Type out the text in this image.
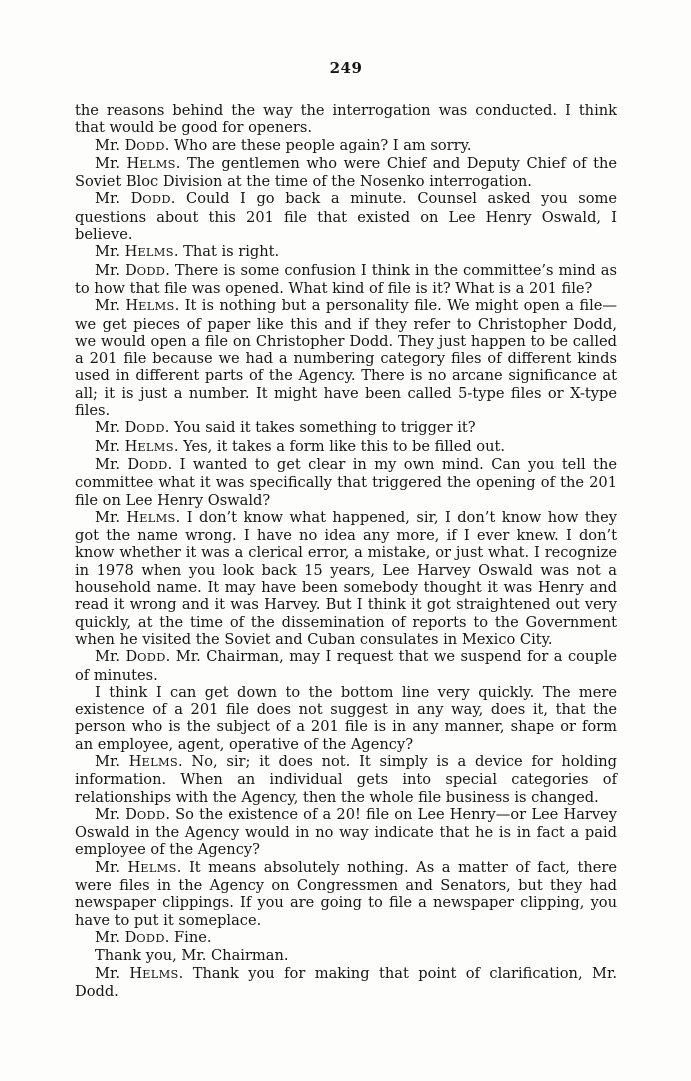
249

the reasons behind the way the interrogation was conducted. I think that would be good for openers.

Mr. DODD. Who are these people again? I am sorry.

Mr. HELMS. The gentlemen who were Chief and Deputy Chief of the Soviet Bloc Division at the time of the Nosenko interrogation.

Mr. DODD. Could I go back a minute. Counsel asked you some questions about this 201 file that existed on Lee Henry Oswald, I believe.

Mr. HELMS. That is right.

Mr. DODD. There is some confusion I think in the committee’s mind as to how that file was opened. What kind of file is it? What is a 201 file?

Mr. HELMS. It is nothing but a personality file. We might open a file—we get pieces of paper like this and if they refer to Christopher Dodd, we would open a file on Christopher Dodd. They just happen to be called a 201 file because we had a numbering category files of different kinds used in different parts of the Agency. There is no arcane significance at all; it is just a number. It might have been called 5-type files or X-type files.

Mr. DODD. You said it takes something to trigger it?

Mr. HELMS. Yes, it takes a form like this to be filled out.

Mr. DODD. I wanted to get clear in my own mind. Can you tell the committee what it was specifically that triggered the opening of the 201 file on Lee Henry Oswald?

Mr. HELMS. I don’t know what happened, sir, I don’t know how they got the name wrong. I have no idea any more, if I ever knew. I don’t know whether it was a clerical error, a mistake, or just what. I recognize in 1978 when you look back 15 years, Lee Harvey Oswald was not a household name. It may have been somebody thought it was Henry and read it wrong and it was Harvey. But I think it got straightened out very quickly, at the time of the dissemination of reports to the Government when he visited the Soviet and Cuban consulates in Mexico City.

Mr. DODD. Mr. Chairman, may I request that we suspend for a couple of minutes.

I think I can get down to the bottom line very quickly. The mere existence of a 201 file does not suggest in any way, does it, that the person who is the subject of a 201 file is in any manner, shape or form an employee, agent, operative of the Agency?

Mr. HELMS. No, sir; it does not. It simply is a device for holding information. When an individual gets into special categories of relationships with the Agency, then the whole file business is changed.

Mr. DODD. So the existence of a 20! file on Lee Henry—or Lee Harvey Oswald in the Agency would in no way indicate that he is in fact a paid employee of the Agency?

Mr. HELMS. It means absolutely nothing. As a matter of fact, there were files in the Agency on Congressmen and Senators, but they had newspaper clippings. If you are going to file a newspaper clipping, you have to put it someplace.

Mr. DODD. Fine.

Thank you, Mr. Chairman.

Mr. HELMS. Thank you for making that point of clarification, Mr. Dodd.
